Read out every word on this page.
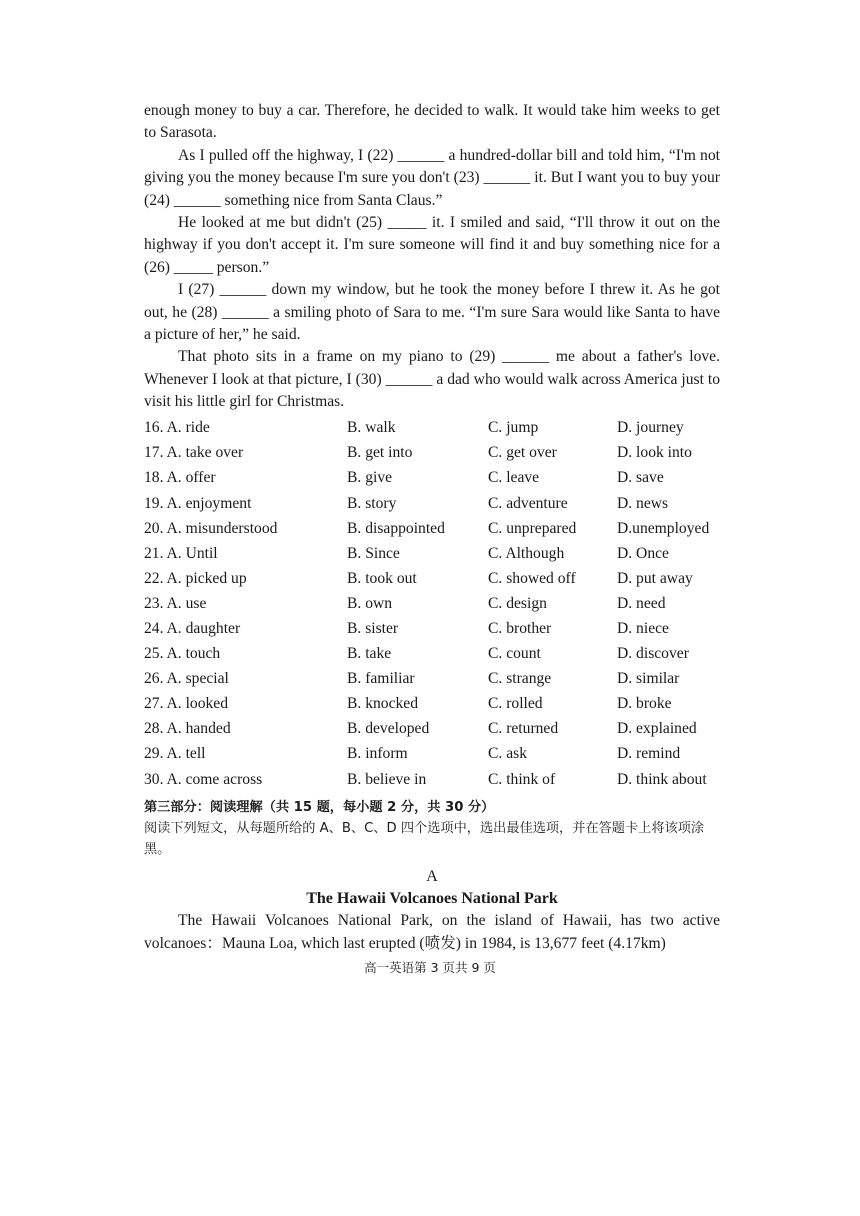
enough money to buy a car. Therefore, he decided to walk. It would take him weeks to get to Sarasota.

As I pulled off the highway, I (22) ______ a hundred-dollar bill and told him, “I'm not giving you the money because I'm sure you don't (23) ______ it. But I want you to buy your (24) ______ something nice from Santa Claus.”

He looked at me but didn't (25) _____ it. I smiled and said, “I'll throw it out on the highway if you don't accept it. I'm sure someone will find it and buy something nice for a (26) _____ person.”

I (27) ______ down my window, but he took the money before I threw it. As he got out, he (28) ______ a smiling photo of Sara to me. “I'm sure Sara would like Santa to have a picture of her,” he said.

That photo sits in a frame on my piano to (29) ______ me about a father's love. Whenever I look at that picture, I (30) ______ a dad who would walk across America just to visit his little girl for Christmas.

16. A. ride	B. walk	C. jump	D. journey
17. A. take over	B. get into	C. get over	D. look into
18. A. offer	B. give	C. leave	D. save
19. A. enjoyment	B. story	C. adventure	D. news
20. A. misunderstood	B. disappointed	C. unprepared	D.unemployed
21. A. Until	B. Since	C. Although	D. Once
22. A. picked up	B. took out	C. showed off	D. put away
23. A. use	B. own	C. design	D. need
24. A. daughter	B. sister	C. brother	D. niece
25. A. touch	B. take	C. count	D. discover
26. A. special	B. familiar	C. strange	D. similar
27. A. looked	B. knocked	C. rolled	D. broke
28. A. handed	B. developed	C. returned	D. explained
29. A. tell	B. inform	C. ask	D. remind
30. A. come across	B. believe in	C. think of	D. think about
第三部分：阅读理解（共 15 题，每小题 2 分，共 30 分）

阅读下列短文，从每题所给的 A、B、C、D 四个选项中，选出最佳选项，并在答题卡上将该项涂黑。

A
The Hawaii Volcanoes National Park

The Hawaii Volcanoes National Park, on the island of Hawaii, has two active volcanoes：Mauna Loa, which last erupted (喷发) in 1984, is 13,677 feet (4.17km)

高一英语第 3 页共 9 页
